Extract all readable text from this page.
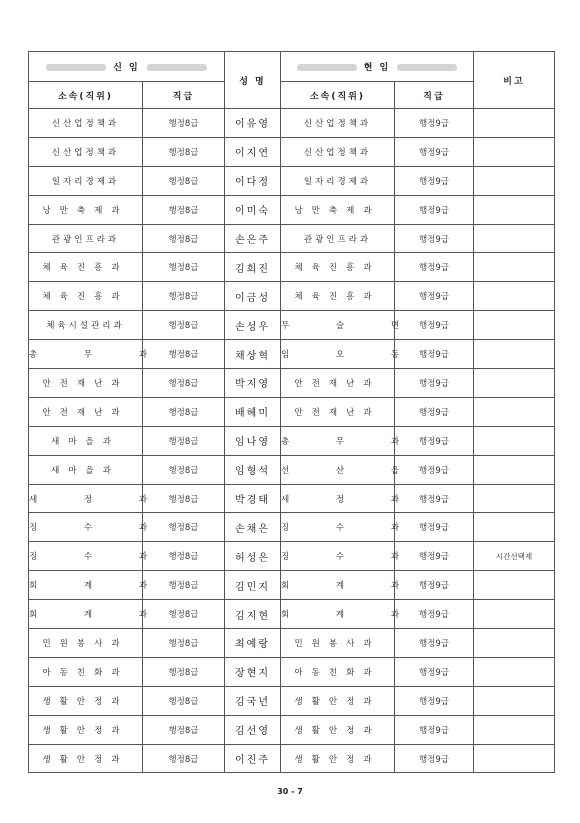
신 임		성 명	현 임		비고
소속(직위)	직급		소속(직위)	직급	
신산업정책과	행정8급	이유영	신산업정책과	행정9급	
신산업정책과	행정8급	이지연	신산업정책과	행정9급	
일자리경제과	행정8급	이다정	일자리경제과	행정9급	
낭만축제과	행정8급	이미숙	낭만축제과	행정9급	
관광인프라과	행정8급	손은주	관광인프라과	행정9급	
체육진흥과	행정8급	김희진	체육진흥과	행정9급	
체육진흥과	행정8급	이금성	체육진흥과	행정9급	
체육시설관리과	행정8급	손성우	무 슬 면	행정9급	
총 무 과	행정8급	채상혁	임 오 동	행정9급	
안전재난과	행정8급	박지영	안전재난과	행정9급	
안전재난과	행정8급	배혜미	안전재난과	행정9급	
새마을과	행정8급	임나영	총 무 과	행정9급	
새마을과	행정8급	임형석	선 산 읍	행정9급	
세 정 과	행정8급	박경태	세 정 과	행정9급	
징 수 과	행정8급	손채은	징 수 과	행정9급	
징 수 과	행정8급	허성은	징 수 과	행정9급	시간선택제
회 계 과	행정8급	김민지	회 계 과	행정9급	
회 계 과	행정8급	김지현	회 계 과	행정9급	
민원봉사과	행정8급	최예랑	민원봉사과	행정9급	
아동친화과	행정8급	장현지	아동친화과	행정9급	
생활안정과	행정8급	김국년	생활안정과	행정9급	
생활안정과	행정8급	김선영	생활안정과	행정9급	
생활안정과	행정8급	이진주	생활안정과	행정9급	
30 - 7
